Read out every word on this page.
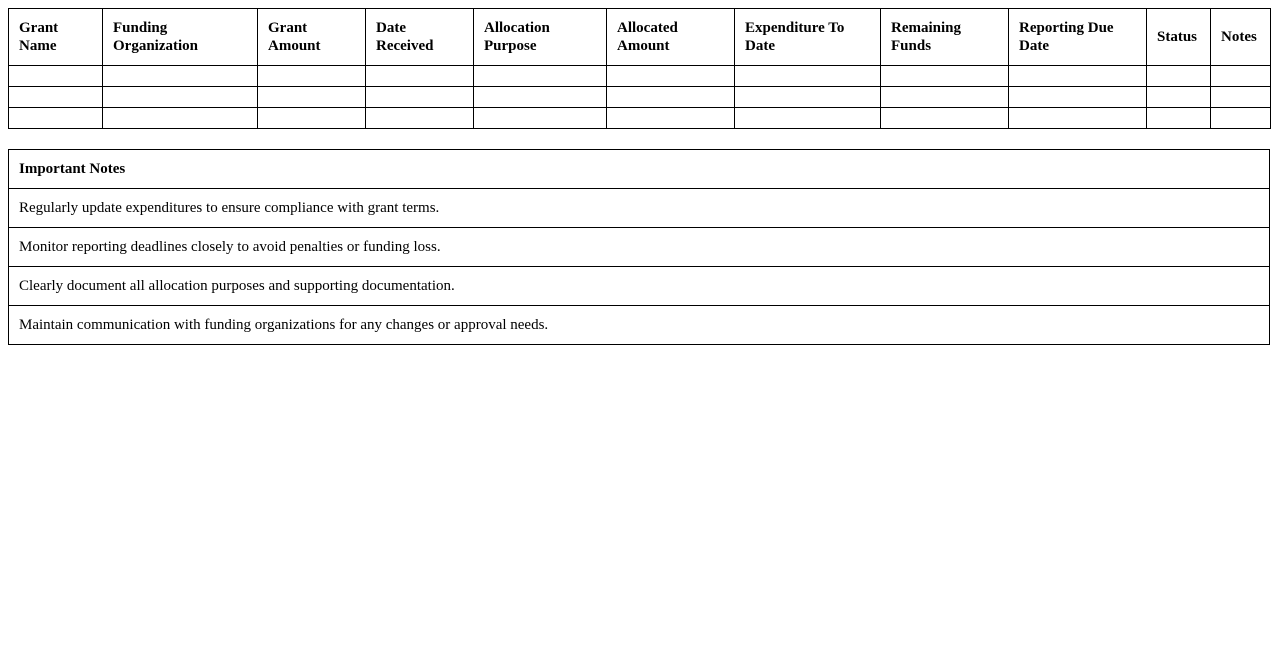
Grant Name	Funding Organization	Grant Amount	Date Received	Allocation Purpose	Allocated Amount	Expenditure To Date	Remaining Funds	Reporting Due Date	Status	Notes

Important Notes
Regularly update expenditures to ensure compliance with grant terms.
Monitor reporting deadlines closely to avoid penalties or funding loss.
Clearly document all allocation purposes and supporting documentation.
Maintain communication with funding organizations for any changes or approval needs.
